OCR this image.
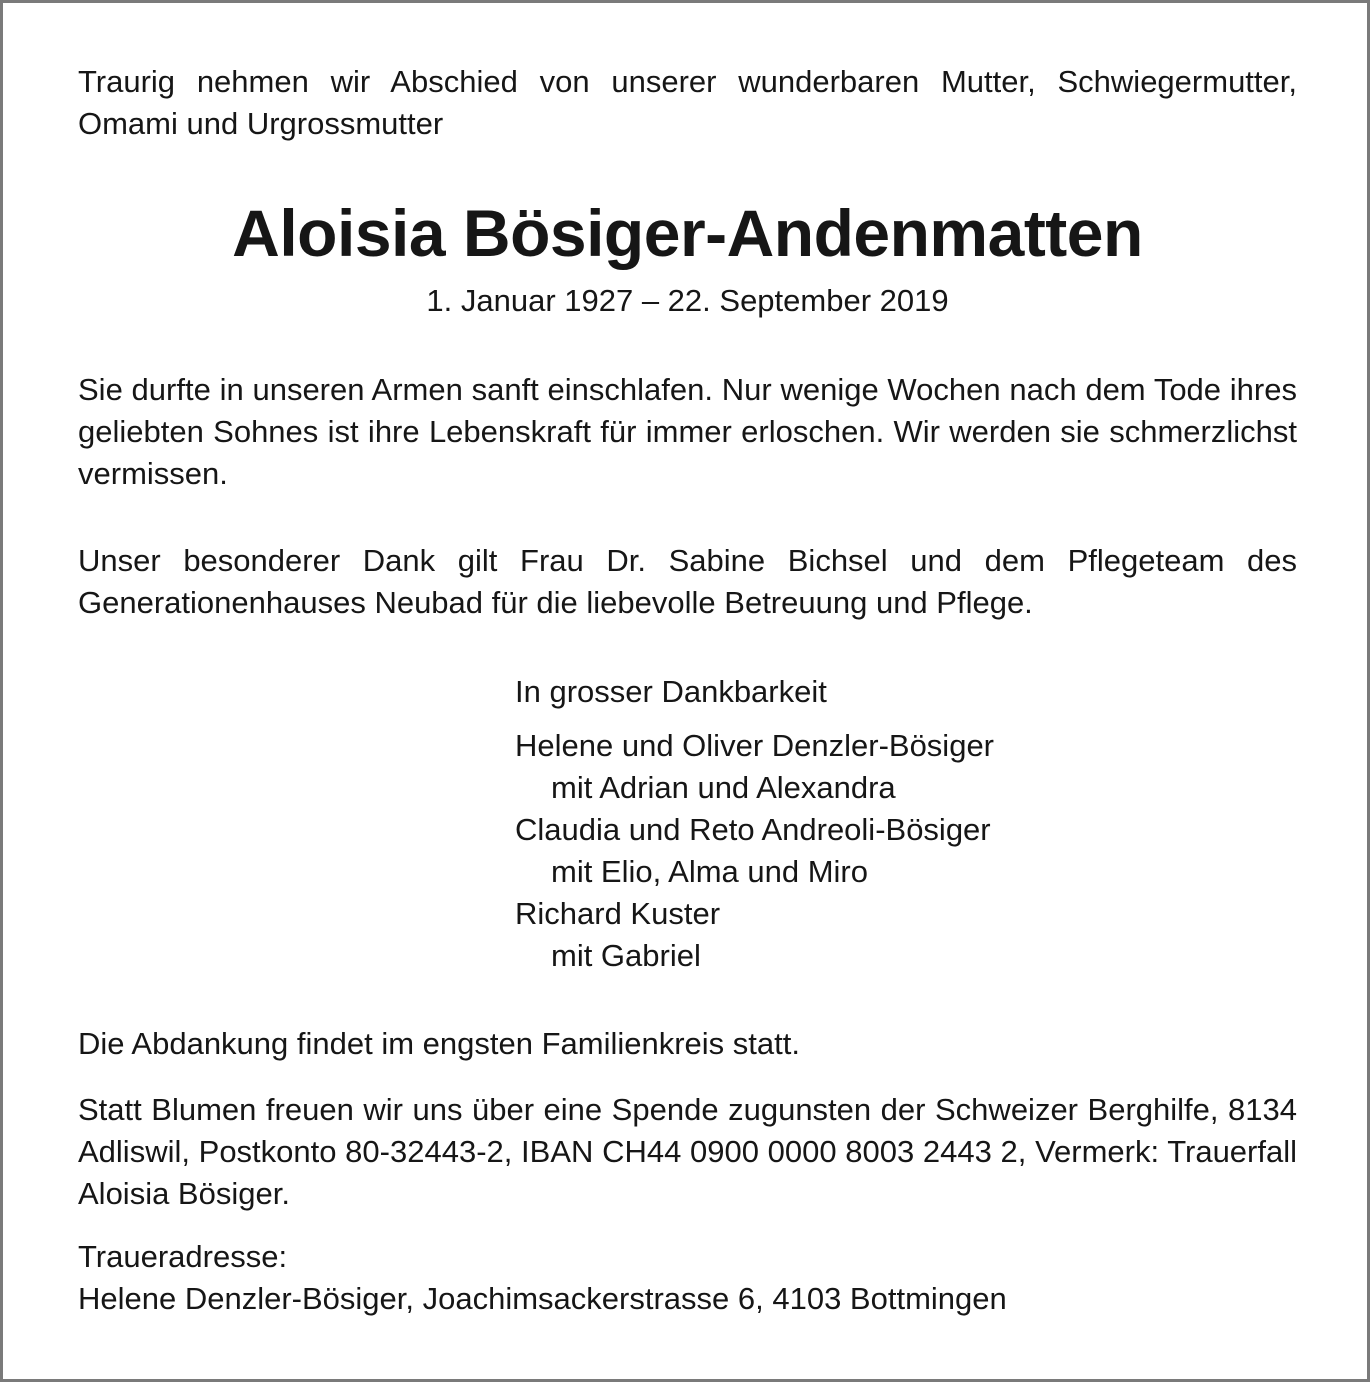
Traurig nehmen wir Abschied von unserer wunderbaren Mutter, Schwiegermutter, Omami und Urgrossmutter
Aloisia Bösiger-Andenmatten
1. Januar 1927 – 22. September 2019
Sie durfte in unseren Armen sanft einschlafen. Nur wenige Wochen nach dem Tode ihres geliebten Sohnes ist ihre Lebenskraft für immer erloschen. Wir werden sie schmerzlichst vermissen.
Unser besonderer Dank gilt Frau Dr. Sabine Bichsel und dem Pflegeteam des Generationenhauses Neubad für die liebevolle Betreuung und Pflege.
In grosser Dankbarkeit
Helene und Oliver Denzler-Bösiger
mit Adrian und Alexandra
Claudia und Reto Andreoli-Bösiger
mit Elio, Alma und Miro
Richard Kuster
mit Gabriel
Die Abdankung findet im engsten Familienkreis statt.
Statt Blumen freuen wir uns über eine Spende zugunsten der Schweizer Berghilfe, 8134 Adliswil, Postkonto 80-32443-2, IBAN CH44 0900 0000 8003 2443 2, Vermerk: Trauerfall Aloisia Bösiger.
Traueradresse:
Helene Denzler-Bösiger, Joachimsackerstrasse 6, 4103 Bottmingen
